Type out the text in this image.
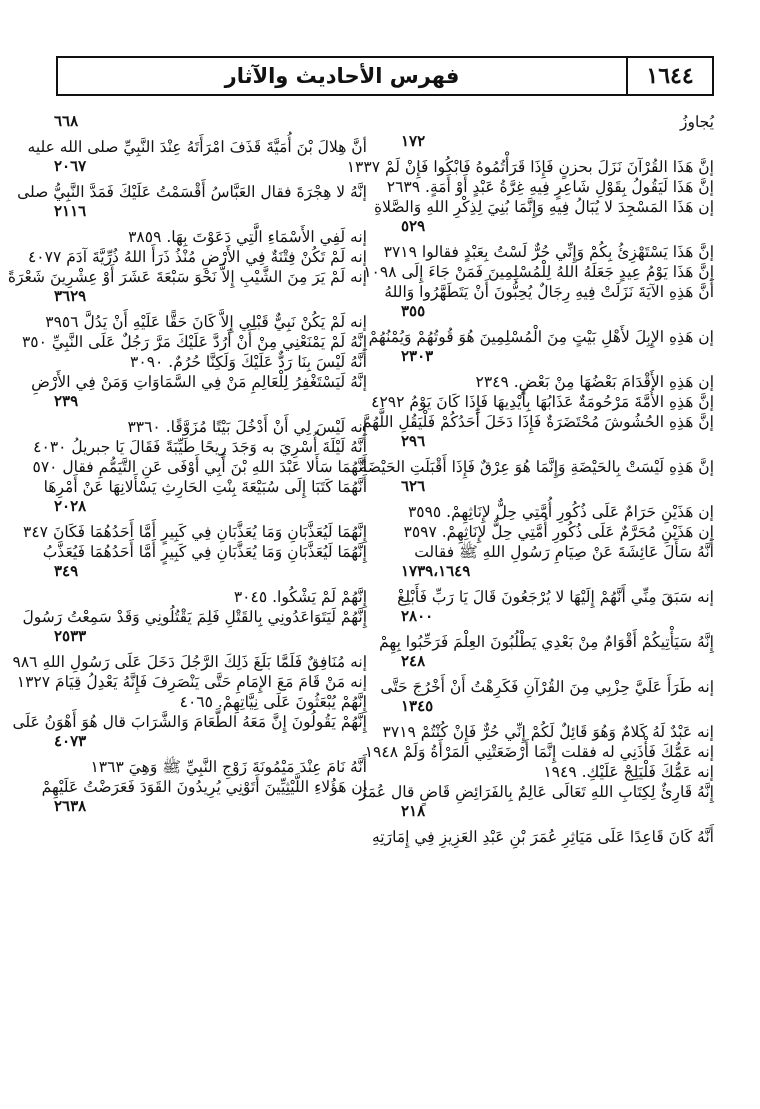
١٦٤٤
فهرس الأحاديث والآثار

يُجاوزُ

١٧٢

إنَّ هَذَا القُرْآنَ نَزَلَ بحزنٍ فَإِذَا قَرَأْتُمُوهُ فَابْكُوا فَإِنْ لَمْ ١٣٣٧

إنَّ هَذَا لَيَقُولُ بِقَوْلِ شَاعِرٍ فِيهِ غِرَّةُ عَبْدٍ أَوْ أَمَةٍ. ٢٦٣٩

إن هَذَا المَسْجِدَ لا يُبَالُ فِيهِ وَإِنَّمَا بُنِيَ لِذِكْرِ اللهِ وَالصَّلاةِ

٥٢٩

إنَّ هَذَا يَسْتَهْزِئُ بِكُمْ وَإِنِّي حُرٌّ لَسْتُ بِعَبْدٍ فقالوا ٣٧١٩

إنَّ هَذَا يَوْمُ عِيدٍ جَعَلَهُ اللهُ لِلْمُسْلِمِينَ فَمَنْ جَاءَ إِلَى ١٠٩٨

أَنَّ هَذِهِ الآيَةَ نَزَلَتْ فِيهِ رِجَالٌ يُحِبُّونَ أَنْ يَتَطَهَّرُوا وَاللهُ

٣٥٥

إن هَذِهِ الإِبِلَ لأَهْلِ بَيْتٍ مِنَ الْمُسْلِمِينَ هُوَ قُوتُهُمْ وَيُمْنُهُمْ

٢٣٠٣

إن هَذِهِ الأَقْدَامَ بَعْضُهَا مِنْ بَعْضٍ. ٢٣٤٩

إنَّ هَذِهِ الأُمَّةَ مَرْحُومَةٌ عَذَابُهَا بِأَيْدِيهَا فَإِذَا كَانَ يَوْمُ ٤٢٩٢

إنَّ هَذِهِ الحُشُوشَ مُحْتَضَرَةٌ فَإِذَا دَخَلَ أَحَدُكُمْ فَلْيَقُلِ اللَّهُمَّ

٢٩٦

إنَّ هَذِهِ لَيْسَتْ بِالحَيْضَةِ وَإِنَّمَا هُوَ عِرْقٌ فَإِذَا أَقْبَلَتِ الحَيْضَةُ

٦٢٦

إن هَذَيْنِ حَرَامٌ عَلَى ذُكُورِ أُمَّتِي حِلٌّ لإِنَاثِهِمْ. ٣٥٩٥

إن هَذَيْنِ مُحَرَّمٌ عَلَى ذُكُورِ أُمَّتِي حِلٌّ لإِنَاثِهِمْ. ٣٥٩٧

أَنَّهُ سَأَلَ عَائِشَةَ عَنْ صِيَامِ رَسُولِ اللهِ ﷺ فقالت

١٧٣٩،١٦٤٩

إنه سَبَقَ مِنِّي أَنَّهُمْ إِلَيْهَا لا يُرْجَعُونَ قَالَ يَا رَبِّ فَأَبْلِغْ

٢٨٠٠

إِنَّهُ سَيَأْتِيكُمْ أَقْوَامٌ مِنْ بَعْدِي يَطْلُبُونَ العِلْمَ فَرَحِّبُوا بِهِمْ

٢٤٨

إنه طَرَأَ عَلَيَّ حِزْبِي مِنَ القُرْآنِ فَكَرِهْتُ أَنْ أَخْرُجَ حَتَّى

١٣٤٥

إنه عَبْدٌ لَهُ كَلامٌ وَهُوَ قَائِلٌ لَكُمْ إِنِّي حُرٌّ فَإِنْ كُنْتُمْ ٣٧١٩

إنه عَمُّكَ فَأْذَنِي له فقلت إِنَّمَا أَرْضَعَتْنِي المَرْأَةُ وَلَمْ ١٩٤٨

إنه عَمُّكَ فَلْيَلِجْ عَلَيْكِ. ١٩٤٩

إِنَّهُ قَارِئٌ لِكِتَابِ اللهِ تَعَالَى عَالِمٌ بِالفَرَائِضِ قَاضٍ قال عُمَرُ

٢١٨

أَنَّهُ كَانَ قَاعِدًا عَلَى مَيَاثِرِ عُمَرَ بْنِ عَبْدِ العَزِيزِ فِي إِمَارَتِهِ

٦٦٨

أنَّ هِلالَ بْنَ أُمَيَّةَ قَذَفَ امْرَأَتَهُ عِنْدَ النَّبِيِّ صلى الله عليه

٢٠٦٧

إنَّهُ لا هِجْرَةَ فقال العَبَّاسُ أَقْسَمْتُ عَلَيْكَ فَمَدَّ النَّبِيُّ صلى

٢١١٦

إنه لَفِي الأَسْمَاءِ الَّتِي دَعَوْتَ بِهَا. ٣٨٥٩

إنه لَمْ تَكُنْ فِتْنَةٌ فِي الأَرْضِ مُنْذُ ذَرَأَ اللهُ ذُرِّيَّةَ آدَمَ ٤٠٧٧

إنه لَمْ يَرَ مِنَ الشَّيْبِ إِلاَّ نَحْوَ سَبْعَةَ عَشَرَ أَوْ عِشْرِينَ شَعْرَةً

٣٦٢٩

إنه لَمْ يَكُنْ نَبِيٌّ قَبْلِي إِلاَّ كَانَ حَقًّا عَلَيْهِ أَنْ يَدُلَّ ٣٩٥٦

إنَّهُ لَمْ يَمْنَعْنِي مِنْ أَنْ أَرُدَّ عَلَيْكَ مَرَّ رَجُلٌ عَلَى النَّبِيِّ ٣٥٠

أَنَّهُ لَيْسَ بِنَا رَدٌّ عَلَيْكَ وَلَكِنَّا حُرُمٌ. ٣٠٩٠

إنَّهُ لَيَسْتَغْفِرُ لِلْعَالِمِ مَنْ فِي السَّمَاوَاتِ وَمَنْ فِي الأَرْضِ

٢٣٩

إنه لَيْسَ لِي أَنْ أَدْخُلَ بَيْتًا مُزَوَّقًا. ٣٣٦٠

أَنَّهُ لَيْلَةَ أُسْرِيَ به وَجَدَ رِيحًا طَيِّبَةً فَقَالَ يَا جبريلُ ٤٠٣٠

أَنَّهُمَا سَأَلا عَبْدَ اللهِ بْنَ أَبِي أَوْفَى عَنِ التَّيَمُّمِ فقال ٥٧٠

أَنَّهُمَا كَتَبَا إِلَى سُبَيْعَةَ بِنْتِ الحَارِثِ يَسْأَلانِهَا عَنْ أَمْرِهَا

٢٠٢٨

إِنَّهُمَا لَيُعَذَّبَانِ وَمَا يُعَذَّبَانِ فِي كَبِيرٍ أَمَّا أَحَدُهُمَا فَكَانَ ٣٤٧

إِنَّهُمَا لَيُعَذَّبَانِ وَمَا يُعَذَّبَانِ فِي كَبِيرٍ أَمَّا أَحَدُهُمَا فَيُعَذَّبُ

٣٤٩

إِنَّهُمْ لَمْ يَشْكُوا. ٣٠٤٥

إِنَّهُمْ لَيَتَوَاعَدُونِي بِالقَتْلِ فَلِمَ يَقْتُلُونِي وَقَدْ سَمِعْتُ رَسُولَ

٢٥٣٣

إنه مُنَافِقٌ فَلَمَّا بَلَغَ ذَلِكَ الرَّجُلَ دَخَلَ عَلَى رَسُولِ اللهِ ٩٨٦

إنه مَنْ قَامَ مَعَ الإِمَامِ حَتَّى يَنْصَرِفَ فَإِنَّهُ يَعْدِلُ قِيَامَ ١٣٢٧

إِنَّهُمْ يُبْعَثُونَ عَلَى نِيَّاتِهِمْ. ٤٠٦٥

إِنَّهُمْ يَقُولُونَ إِنَّ مَعَهُ الطَّعَامَ وَالشَّرَابَ قال هُوَ أَهْوَنُ عَلَى

٤٠٧٣

أَنَّهُ نَامَ عِنْدَ مَيْمُونَةَ زَوْجِ النَّبِيِّ ﷺ وَهِيَ ١٣٦٣

إن هَؤُلاءِ اللَّيْثِيِّينَ أَتَوْنِي يُرِيدُونَ القَوَدَ فَعَرَضْتُ عَلَيْهِمْ

٢٦٣٨
